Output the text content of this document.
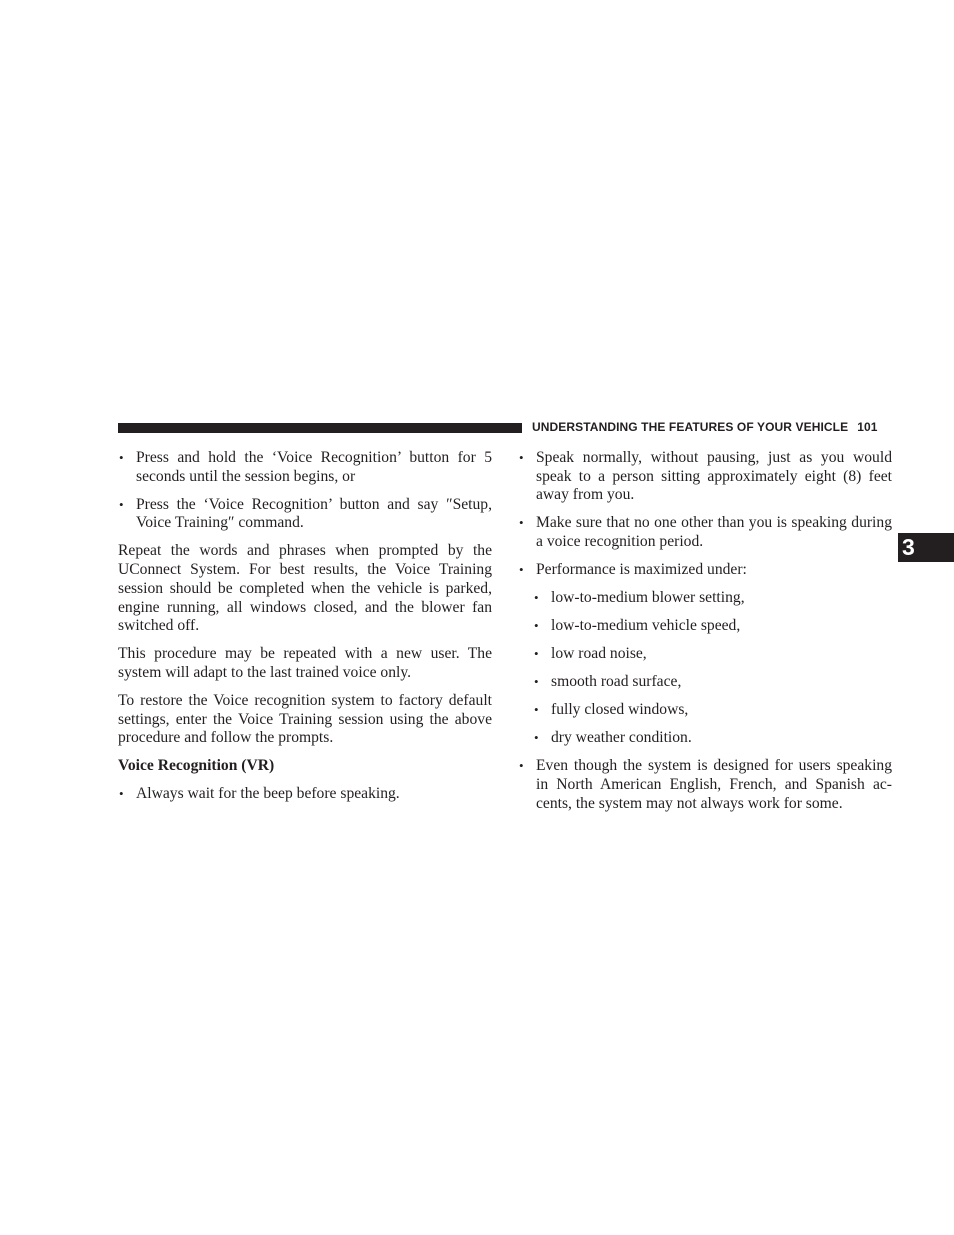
UNDERSTANDING THE FEATURES OF YOUR VEHICLE 101
3
• Press and hold the ‘Voice Recognition’ button for 5 seconds until the session begins, or
• Press the ‘Voice Recognition’ button and say ″Setup, Voice Training″ command.
Repeat the words and phrases when prompted by the UConnect System. For best results, the Voice Training session should be completed when the vehicle is parked, engine running, all windows closed, and the blower fan switched off.
This procedure may be repeated with a new user. The system will adapt to the last trained voice only.
To restore the Voice recognition system to factory default settings, enter the Voice Training session using the above procedure and follow the prompts.
Voice Recognition (VR)
• Always wait for the beep before speaking.
• Speak normally, without pausing, just as you would speak to a person sitting approximately eight (8) feet away from you.
• Make sure that no one other than you is speaking during a voice recognition period.
• Performance is maximized under:
• low-to-medium blower setting,
• low-to-medium vehicle speed,
• low road noise,
• smooth road surface,
• fully closed windows,
• dry weather condition.
• Even though the system is designed for users speaking in North American English, French, and Spanish ac- cents, the system may not always work for some.
